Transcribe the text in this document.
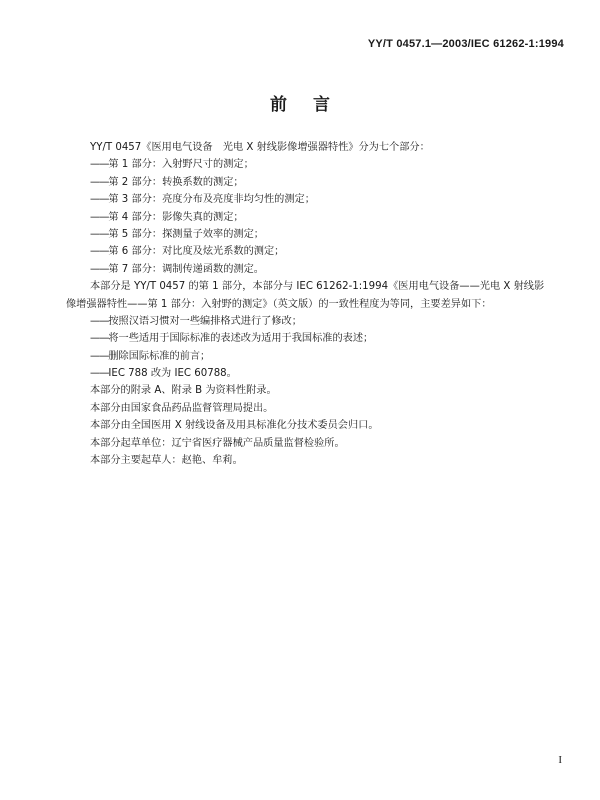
YY/T 0457.1—2003/IEC 61262-1:1994
前言
YY/T 0457《医用电气设备　光电 X 射线影像增强器特性》分为七个部分：
—— 第 1 部分：入射野尺寸的测定；
—— 第 2 部分：转换系数的测定；
—— 第 3 部分：亮度分布及亮度非均匀性的测定；
—— 第 4 部分：影像失真的测定；
—— 第 5 部分：探测量子效率的测定；
—— 第 6 部分：对比度及炫光系数的测定；
—— 第 7 部分：调制传递函数的测定。
本部分是 YY/T 0457 的第 1 部分，本部分与 IEC 61262-1:1994《医用电气设备——光电 X 射线影
像增强器特性——第 1 部分：入射野的测定》（英文版）的一致性程度为等同，主要差异如下：
—— 按照汉语习惯对一些编排格式进行了修改；
—— 将一些适用于国际标准的表述改为适用于我国标准的表述；
—— 删除国际标准的前言；
—— IEC 788 改为 IEC 60788。
本部分的附录 A、附录 B 为资料性附录。
本部分由国家食品药品监督管理局提出。
本部分由全国医用 X 射线设备及用具标准化分技术委员会归口。
本部分起草单位：辽宁省医疗器械产品质量监督检验所。
本部分主要起草人：赵艳、牟莉。
I
